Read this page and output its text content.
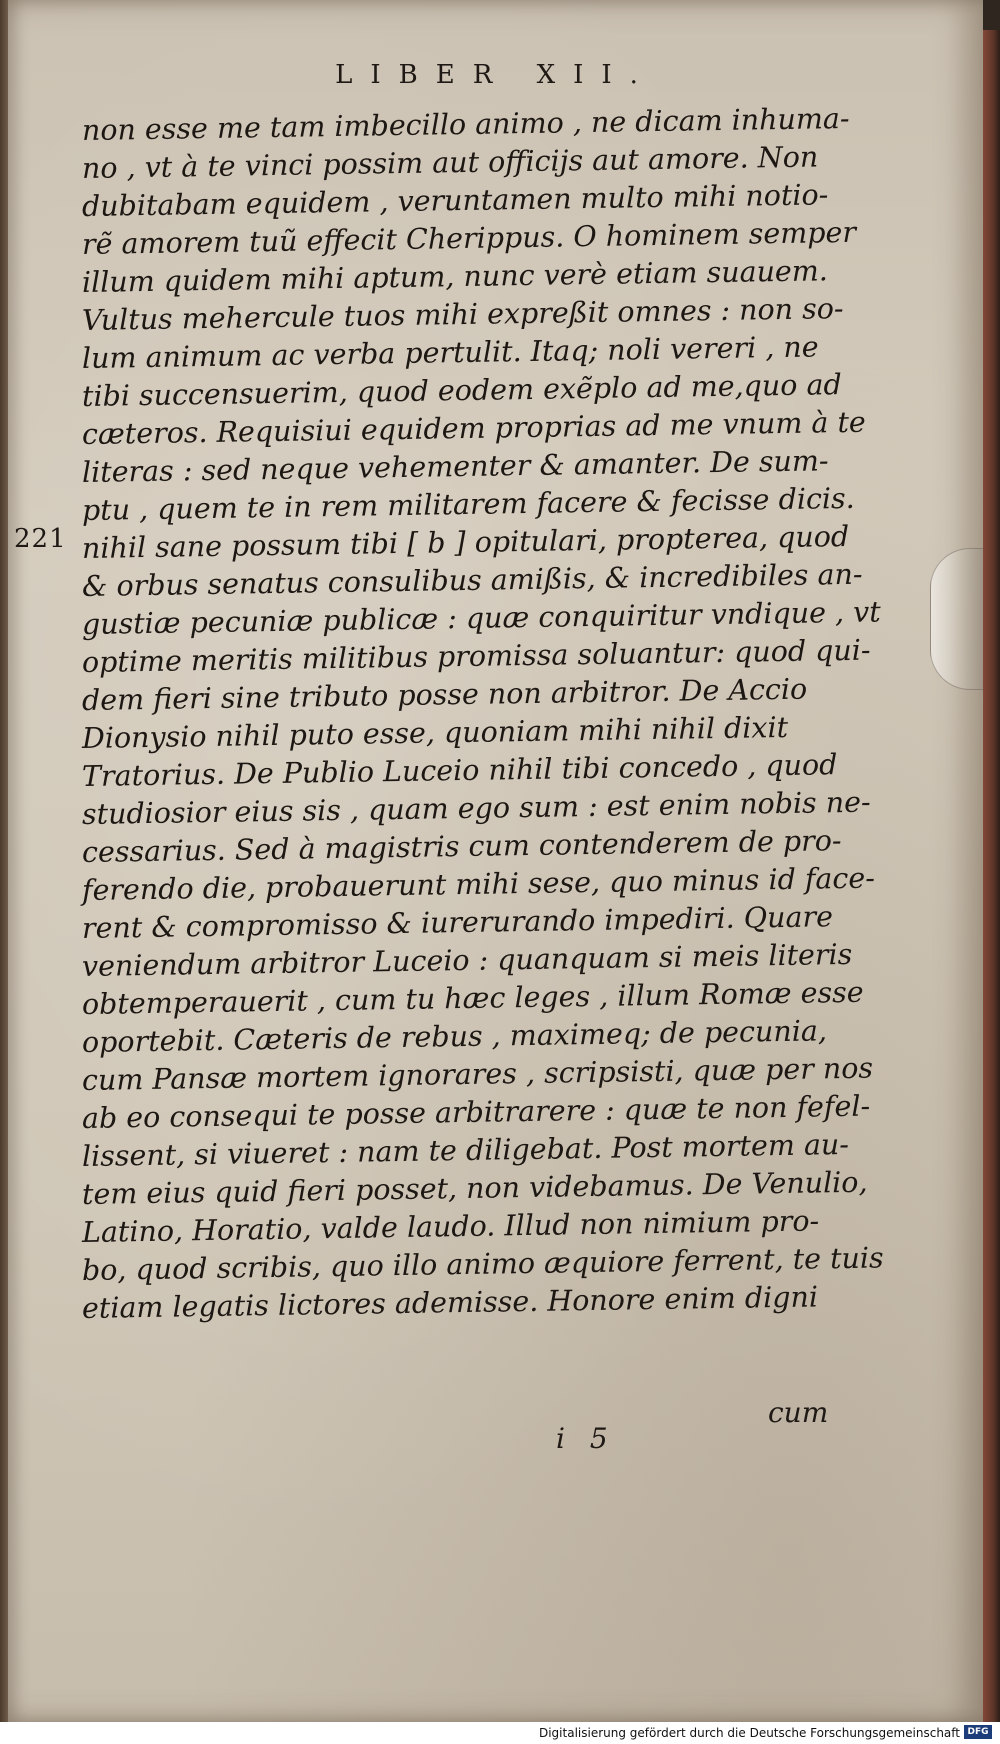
LIBER XII.
221
non esse me tam imbecillo animo , ne dicam inhuma-
no , vt à te vinci possim aut officijs aut amore. Non
dubitabam equidem , veruntamen multo mihi notio-
rẽ amorem tuũ effecit Cherippus. O hominem semper
illum quidem mihi aptum, nunc verè etiam suauem.
Vultus mehercule tuos mihi expreßit omnes : non so-
lum animum ac verba pertulit. Itaq; noli vereri , ne
tibi succensuerim, quod eodem exẽplo ad me,quo ad
cæteros. Requisiui equidem proprias ad me vnum à te
literas : sed neque vehementer & amanter. De sum-
ptu , quem te in rem militarem facere & fecisse dicis.
nihil sane possum tibi [ b ] opitulari, propterea, quod
& orbus senatus consulibus amißis, & incredibiles an-
gustiæ pecuniæ publicæ : quæ conquiritur vndique , vt
optime meritis militibus promissa soluantur: quod qui-
dem fieri sine tributo posse non arbitror. De Accio
Dionysio nihil puto esse, quoniam mihi nihil dixit
Tratorius. De Publio Luceio nihil tibi concedo , quod
studiosior eius sis , quam ego sum : est enim nobis ne-
cessarius. Sed à magistris cum contenderem de pro-
ferendo die, probauerunt mihi sese, quo minus id face-
rent & compromisso & iurerurando impediri. Quare
veniendum arbitror Luceio : quanquam si meis literis
obtemperauerit , cum tu hæc leges , illum Romæ esse
oportebit. Cæteris de rebus , maximeq; de pecunia,
cum Pansæ mortem ignorares , scripsisti, quæ per nos
ab eo consequi te posse arbitrarere : quæ te non fefel-
lissent, si viueret : nam te diligebat. Post mortem au-
tem eius quid fieri posset, non videbamus. De Venulio,
Latino, Horatio, valde laudo. Illud non nimium pro-
bo, quod scribis, quo illo animo æquiore ferrent, te tuis
etiam legatis lictores ademisse. Honore enim digni
cum
i 5
Digitalisierung gefördert durch die Deutsche Forschungsgemeinschaft DFG
